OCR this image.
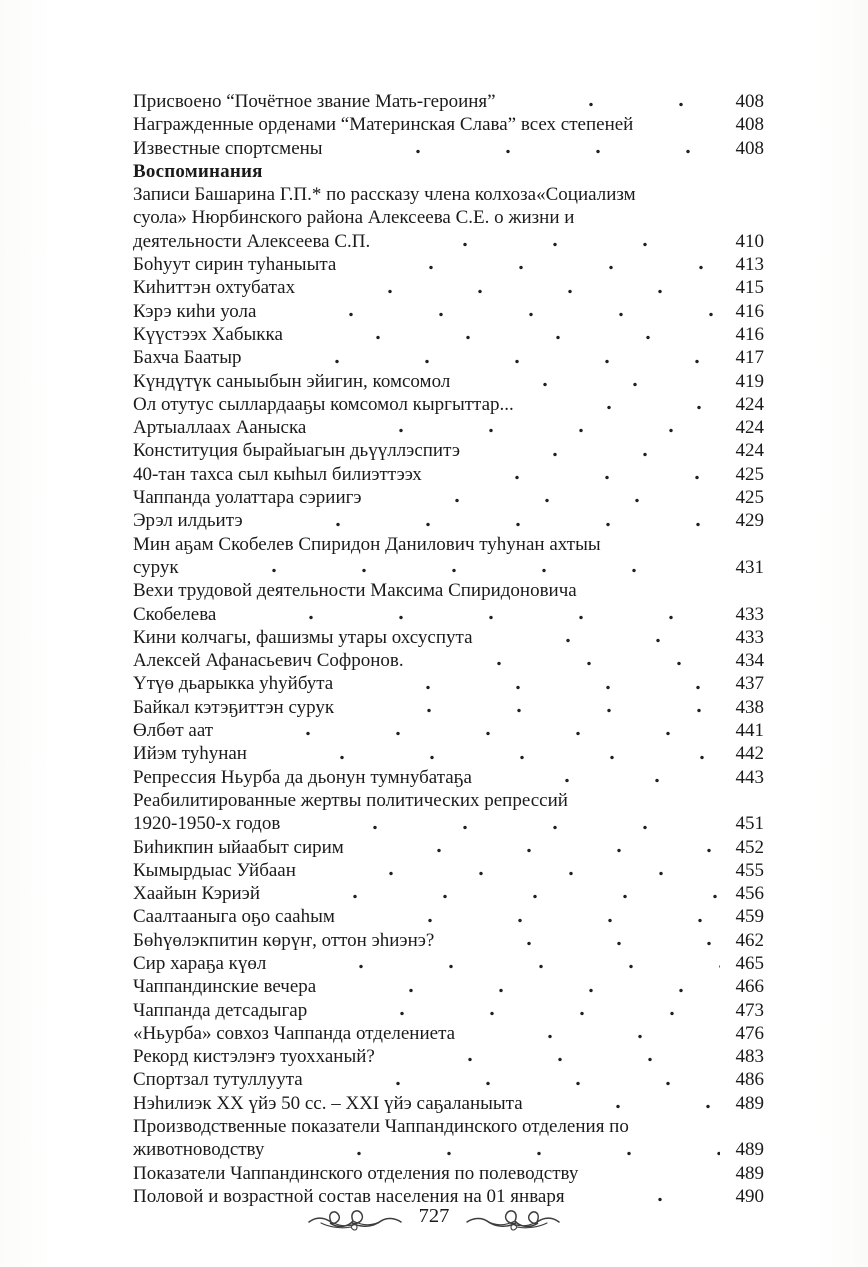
Присвоено “Почётное звание Мать-героиня”	408
Награжденные орденами “Материнская Слава” всех степеней	408
Известные спортсмены	408
Воспоминания
Записи Башарина Г.П.* по рассказу члена колхоза«Социализм
суола» Нюрбинского района Алексеева С.Е. о жизни и
деятельности Алексеева С.П.	410
Боһуут сирин туһаныыта	413
Киһиттэн охтубатах	415
Кэрэ киһи уола	416
Күүстээх Хабыкка	416
Бахча Баатыр	417
Күндүтүк саныыбын эйигин, комсомол	419
Ол отутус сыллардааҕы комсомол кыргыттар...	424
Артыаллаах Ааныска	424
Конституция бырайыагын дьүүллэспитэ	424
40-тан тахса сыл кыһыл билиэттээх	425
Чаппанда уолаттара сэриигэ	425
Эрэл илдьитэ	429
Мин аҕам Скобелев Спиридон Данилович туһунан ахтыы
сурук	431
Вехи трудовой деятельности Максима Спиридоновича
Скобелева	433
Кини колчагы, фашизмы утары охсуспута	433
Алексей Афанасьевич Софронов.	434
Үтүө дьарыкка уһуйбута	437
Байкал кэтэҕиттэн сурук	438
Өлбөт аат	441
Ийэм туһунан	442
Репрессия Ньурба да дьонун тумнубатаҕа	443
Реабилитированные жертвы политических репрессий
1920-1950-х годов	451
Биһикпин ыйаабыт сирим	452
Кымырдыас Уйбаан	455
Хаайын Кэриэй	456
Саалтааныга оҕо сааһым	459
Бөһүөлэкпитин көрүҥ, оттон эһиэнэ?	462
Сир хараҕа күөл	465
Чаппандинские вечера	466
Чаппанда детсадыгар	473
«Ньурба» совхоз Чаппанда отделениета	476
Рекорд кистэлэҥэ туохханый?	483
Спортзал тутуллуута	486
Нэһилиэк XX үйэ 50 сс. – XXI үйэ саҕаланыыта	489
Производственные показатели Чаппандинского отделения по
животноводству	489
Показатели Чаппандинского отделения по полеводству	489
Половой и возрастной состав населения на 01 января	490
727
